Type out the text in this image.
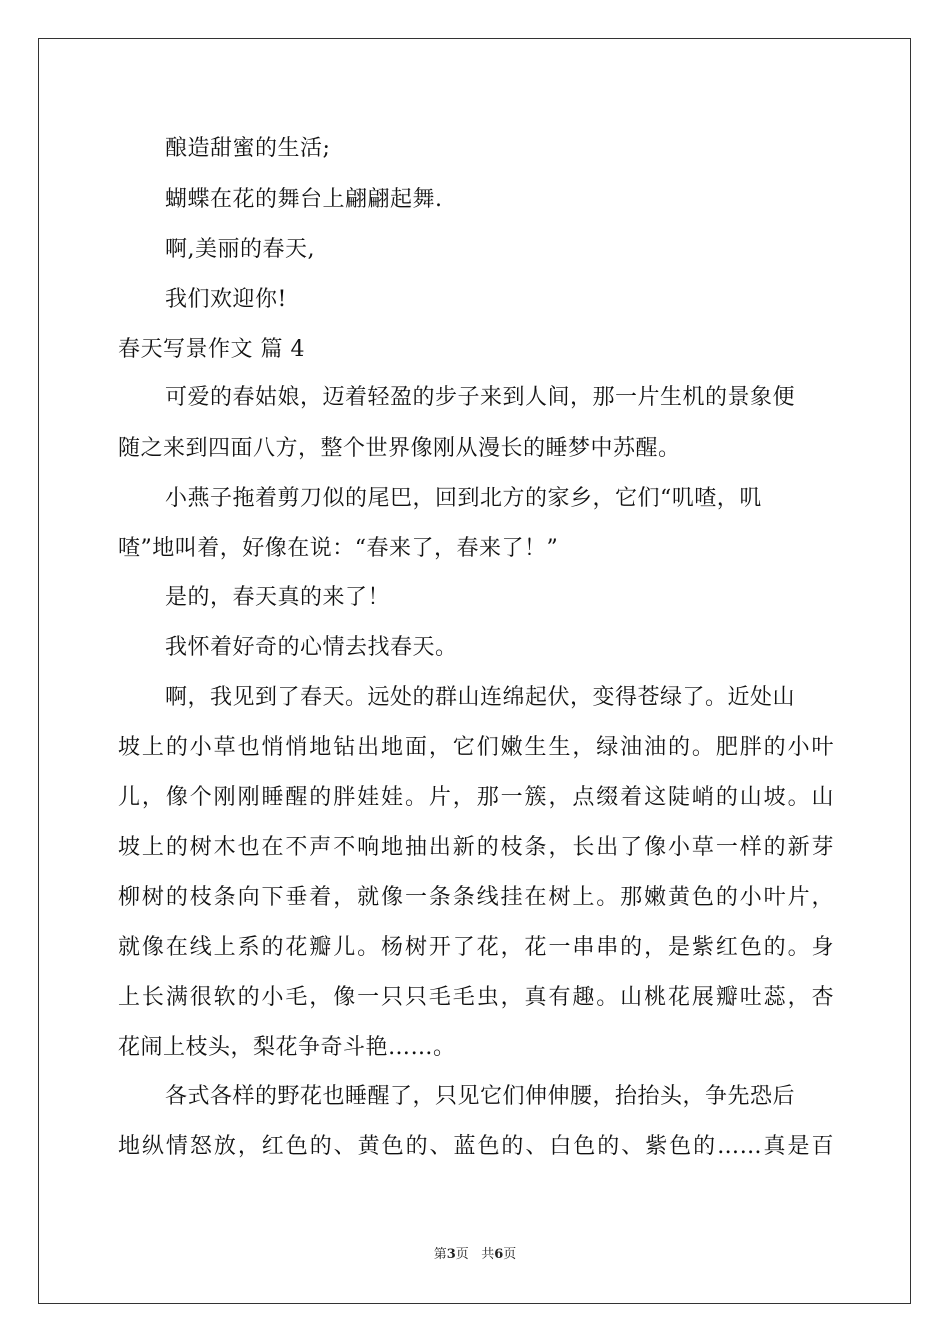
酿造甜蜜的生活;
蝴蝶在花的舞台上翩翩起舞.
啊,美丽的春天,
我们欢迎你!
春天写景作文 篇 4
可爱的春姑娘，迈着轻盈的步子来到人间，那一片生机的景象便
随之来到四面八方，整个世界像刚从漫长的睡梦中苏醒。
小燕子拖着剪刀似的尾巴，回到北方的家乡，它们“叽喳，叽
喳”地叫着，好像在说：“春来了，春来了！”
是的，春天真的来了！
我怀着好奇的心情去找春天。
啊，我见到了春天。远处的群山连绵起伏，变得苍绿了。近处山
坡上的小草也悄悄地钻出地面，它们嫩生生，绿油油的。肥胖的小叶
儿，像个刚刚睡醒的胖娃娃。片，那一簇，点缀着这陡峭的山坡。山
坡上的树木也在不声不响地抽出新的枝条，长出了像小草一样的新芽
柳树的枝条向下垂着，就像一条条线挂在树上。那嫩黄色的小叶片，
就像在线上系的花瓣儿。杨树开了花，花一串串的，是紫红色的。身
上长满很软的小毛，像一只只毛毛虫，真有趣。山桃花展瓣吐蕊，杏
花闹上枝头，梨花争奇斗艳……。
各式各样的野花也睡醒了，只见它们伸伸腰，抬抬头，争先恐后
地纵情怒放，红色的、黄色的、蓝色的、白色的、紫色的……真是百
第3页 共6页
